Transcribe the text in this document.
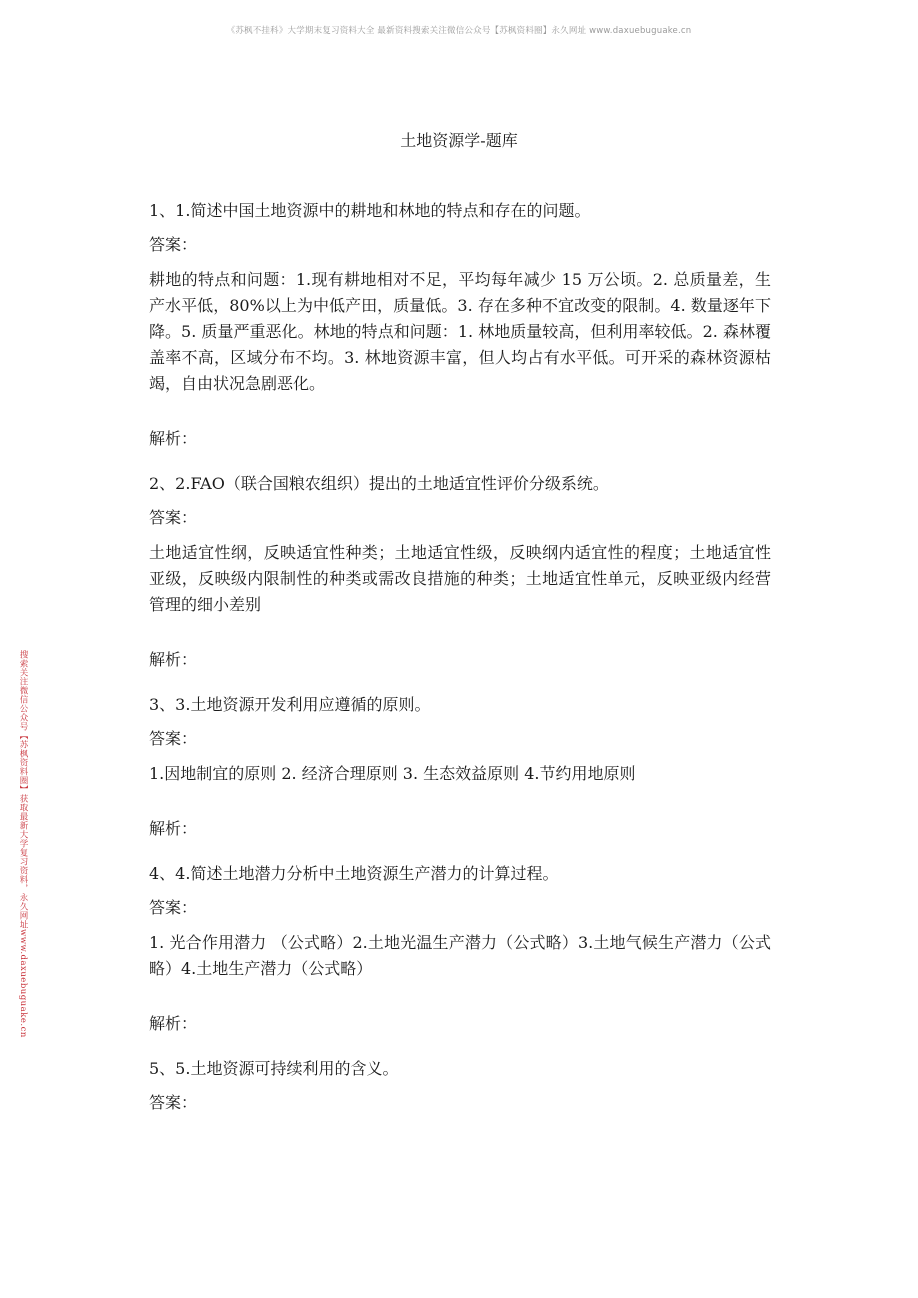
《苏枫不挂科》大学期末复习资料大全 最新资料搜索关注微信公众号【苏枫资料圈】永久网址 www.daxuebuguake.cn
搜索关注微信公众号【苏枫资料圈】获取最新大学复习资料，永久网址www.daxuebuguake.cn
土地资源学-题库

1、1.简述中国土地资源中的耕地和林地的特点和存在的问题。

答案：

耕地的特点和问题：1.现有耕地相对不足，平均每年减少 15 万公顷。2. 总质量差，生产水平低，80%以上为中低产田，质量低。3. 存在多种不宜改变的限制。4. 数量逐年下降。5. 质量严重恶化。林地的特点和问题：1. 林地质量较高，但利用率较低。2. 森林覆盖率不高，区域分布不均。3. 林地资源丰富，但人均占有水平低。可开采的森林资源枯竭，自由状况急剧恶化。

解析：

2、2.FAO（联合国粮农组织）提出的土地适宜性评价分级系统。

答案：

土地适宜性纲，反映适宜性种类；土地适宜性级，反映纲内适宜性的程度；土地适宜性亚级，反映级内限制性的种类或需改良措施的种类；土地适宜性单元，反映亚级内经营管理的细小差别

解析：

3、3.土地资源开发利用应遵循的原则。

答案：

1.因地制宜的原则 2. 经济合理原则 3. 生态效益原则 4.节约用地原则

解析：

4、4.简述土地潜力分析中土地资源生产潜力的计算过程。

答案：

1. 光合作用潜力 （公式略）2.土地光温生产潜力（公式略）3.土地气候生产潜力（公式略）4.土地生产潜力（公式略）

解析：

5、5.土地资源可持续利用的含义。

答案：
